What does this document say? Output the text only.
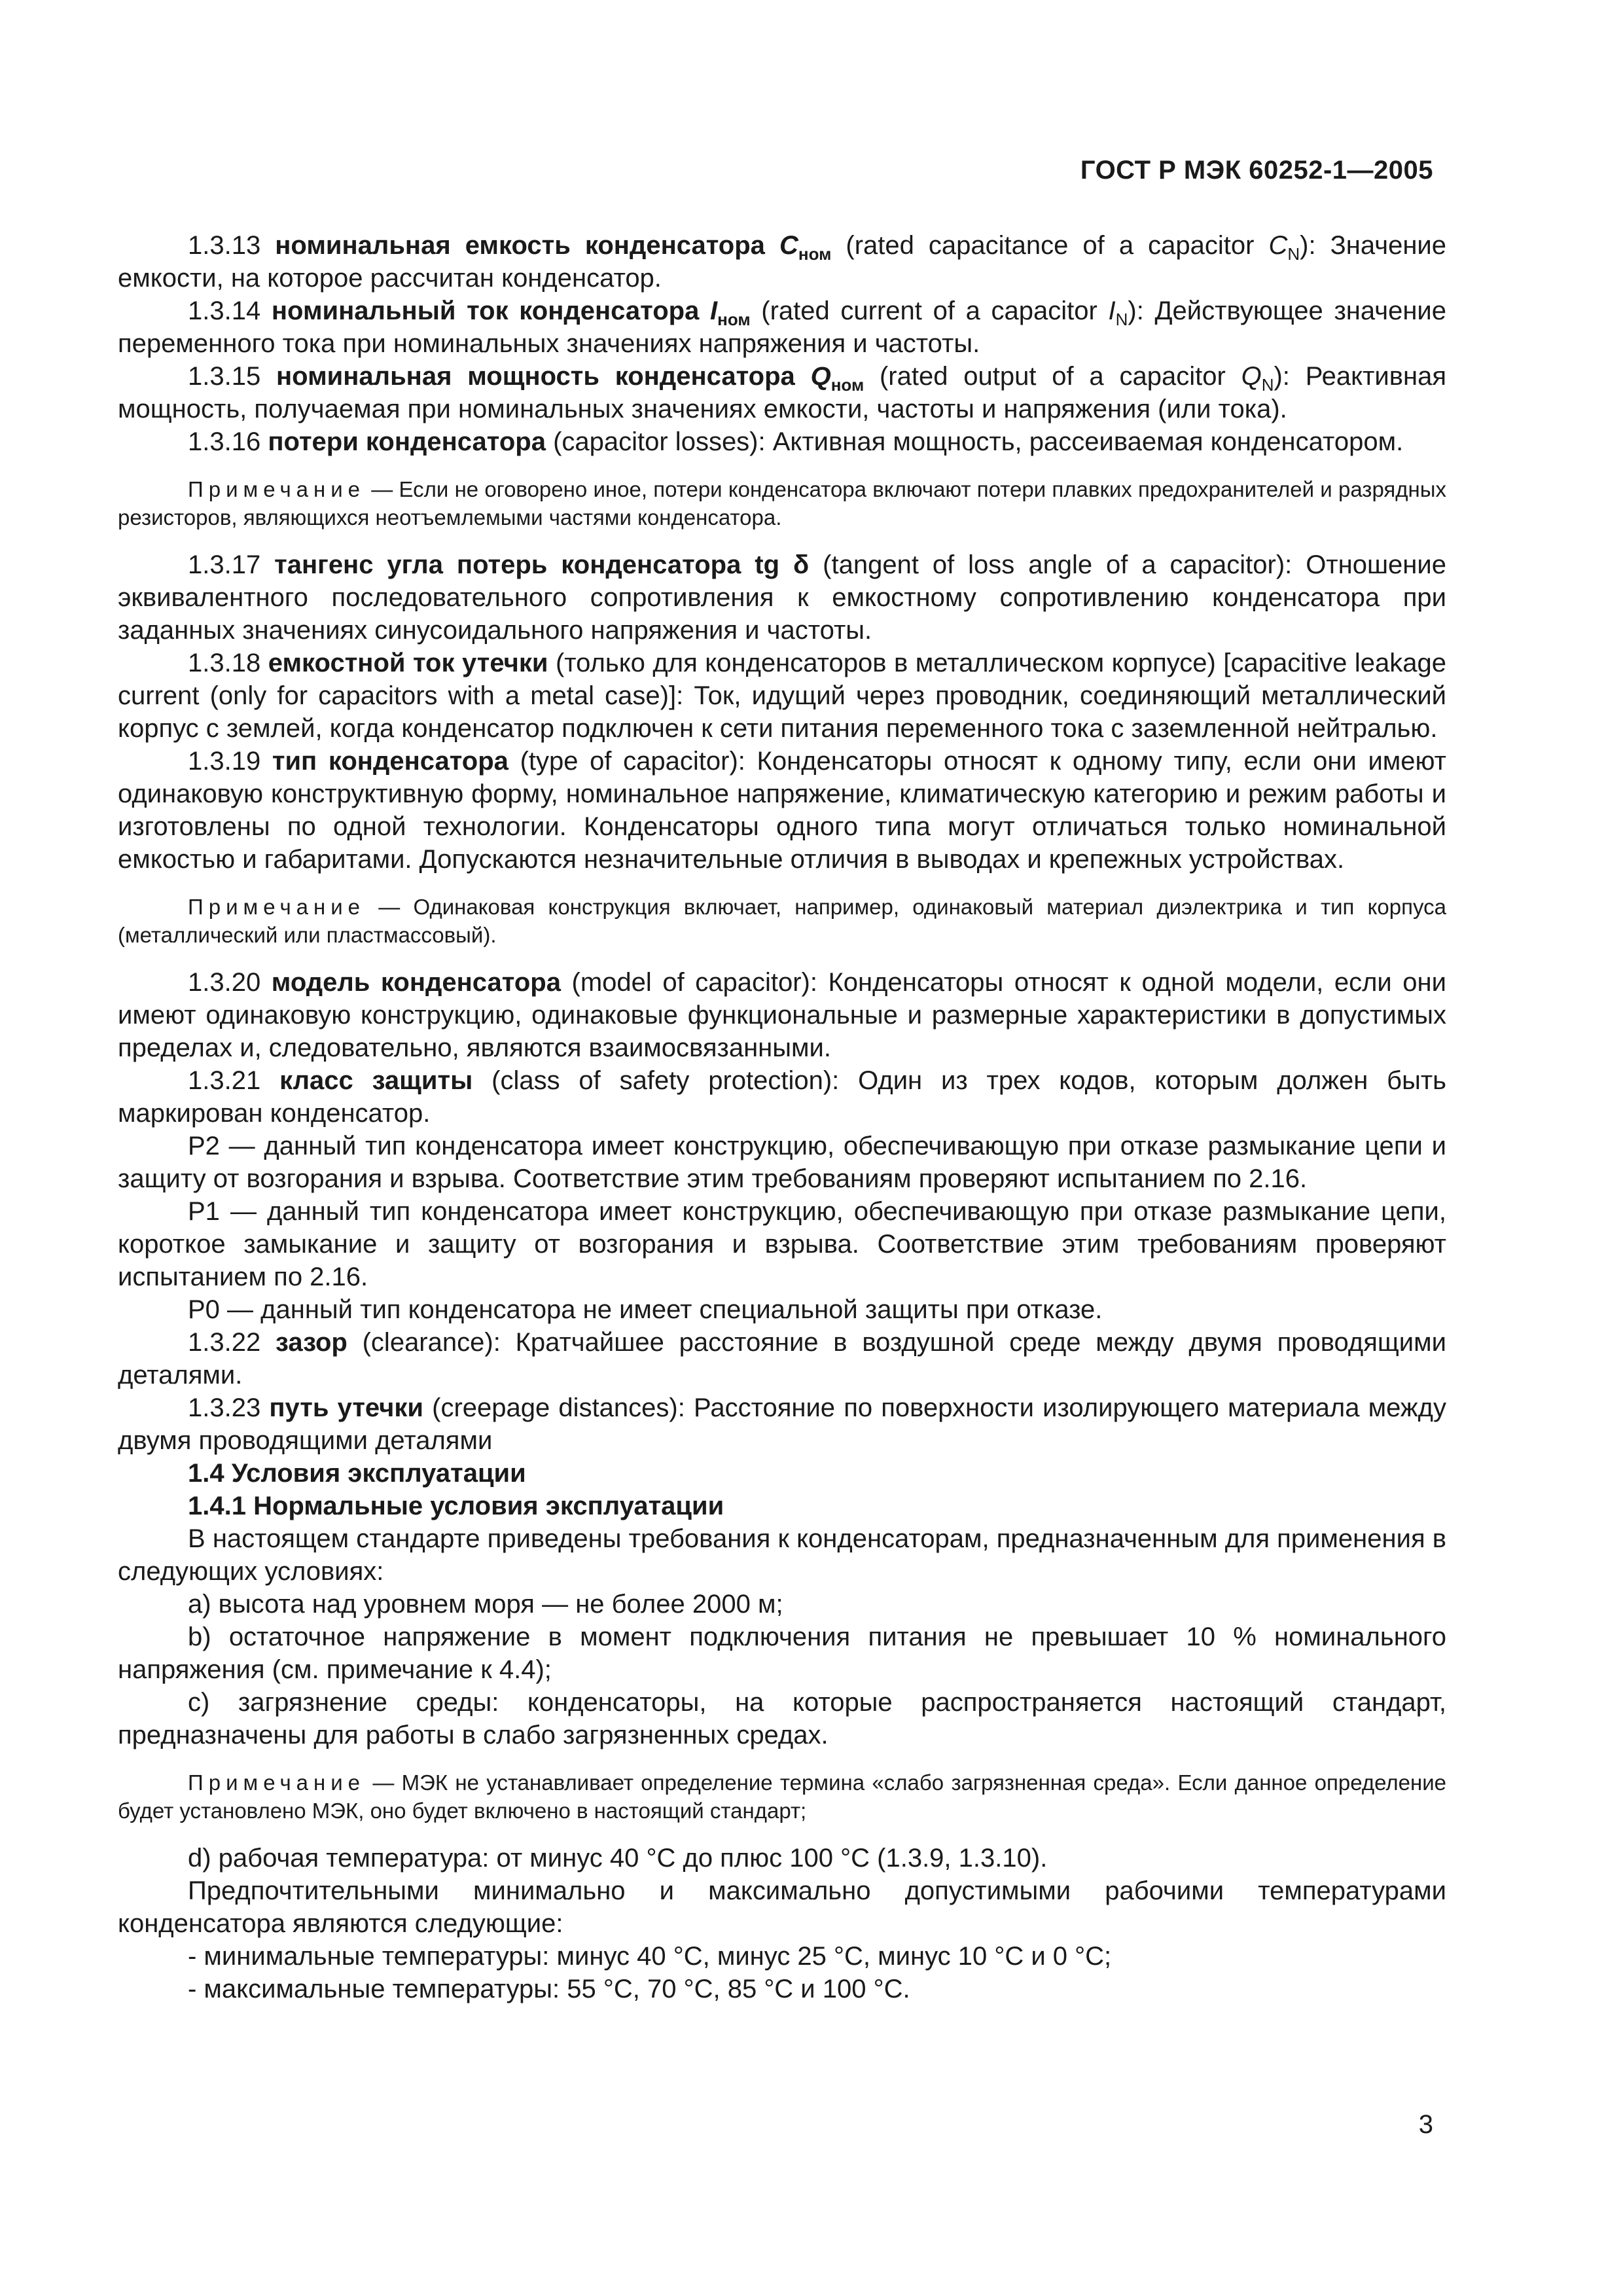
ГОСТ Р МЭК 60252-1—2005

1.3.13 номинальная емкость конденсатора $C_{ном}$ (rated capacitance of a capacitor $C_N$): Значение емкости, на которое рассчитан конденсатор.

1.3.14 номинальный ток конденсатора $I_{ном}$ (rated current of a capacitor $I_N$): Действующее значение переменного тока при номинальных значениях напряжения и частоты.

1.3.15 номинальная мощность конденсатора $Q_{ном}$ (rated output of a capacitor $Q_N$): Реактивная мощность, получаемая при номинальных значениях емкости, частоты и напряжения (или тока).

1.3.16 потери конденсатора (capacitor losses): Активная мощность, рассеиваемая конденсатором.

Примечание — Если не оговорено иное, потери конденсатора включают потери плавких предохранителей и разрядных резисторов, являющихся неотъемлемыми частями конденсатора.

1.3.17 тангенс угла потерь конденсатора tg δ (tangent of loss angle of a capacitor): Отношение эквивалентного последовательного сопротивления к емкостному сопротивлению конденсатора при заданных значениях синусоидального напряжения и частоты.

1.3.18 емкостной ток утечки (только для конденсаторов в металлическом корпусе) [capacitive leakage current (only for capacitors with a metal case)]: Ток, идущий через проводник, соединяющий металлический корпус с землей, когда конденсатор подключен к сети питания переменного тока с заземленной нейтралью.

1.3.19 тип конденсатора (type of capacitor): Конденсаторы относят к одному типу, если они имеют одинаковую конструктивную форму, номинальное напряжение, климатическую категорию и режим работы и изготовлены по одной технологии. Конденсаторы одного типа могут отличаться только номинальной емкостью и габаритами. Допускаются незначительные отличия в выводах и крепежных устройствах.

Примечание — Одинаковая конструкция включает, например, одинаковый материал диэлектрика и тип корпуса (металлический или пластмассовый).

1.3.20 модель конденсатора (model of capacitor): Конденсаторы относят к одной модели, если они имеют одинаковую конструкцию, одинаковые функциональные и размерные характеристики в допустимых пределах и, следовательно, являются взаимосвязанными.

1.3.21 класс защиты (class of safety protection): Один из трех кодов, которым должен быть маркирован конденсатор.

P2 — данный тип конденсатора имеет конструкцию, обеспечивающую при отказе размыкание цепи и защиту от возгорания и взрыва. Соответствие этим требованиям проверяют испытанием по 2.16.

P1 — данный тип конденсатора имеет конструкцию, обеспечивающую при отказе размыкание цепи, короткое замыкание и защиту от возгорания и взрыва. Соответствие этим требованиям проверяют испытанием по 2.16.

P0 — данный тип конденсатора не имеет специальной защиты при отказе.

1.3.22 зазор (clearance): Кратчайшее расстояние в воздушной среде между двумя проводящими деталями.

1.3.23 путь утечки (creepage distances): Расстояние по поверхности изолирующего материала между двумя проводящими деталями

1.4 Условия эксплуатации

1.4.1 Нормальные условия эксплуатации

В настоящем стандарте приведены требования к конденсаторам, предназначенным для применения в следующих условиях:

a) высота над уровнем моря — не более 2000 м;

b) остаточное напряжение в момент подключения питания не превышает 10 % номинального напряжения (см. примечание к 4.4);

c) загрязнение среды: конденсаторы, на которые распространяется настоящий стандарт, предназначены для работы в слабо загрязненных средах.

Примечание — МЭК не устанавливает определение термина «слабо загрязненная среда». Если данное определение будет установлено МЭК, оно будет включено в настоящий стандарт;

d) рабочая температура: от минус 40 °С до плюс 100 °С (1.3.9, 1.3.10).

Предпочтительными минимально и максимально допустимыми рабочими температурами конденсатора являются следующие:

- минимальные температуры: минус 40 °С, минус 25 °С, минус 10 °С и 0 °С;

- максимальные температуры: 55 °С, 70 °С, 85 °С и 100 °С.

3
